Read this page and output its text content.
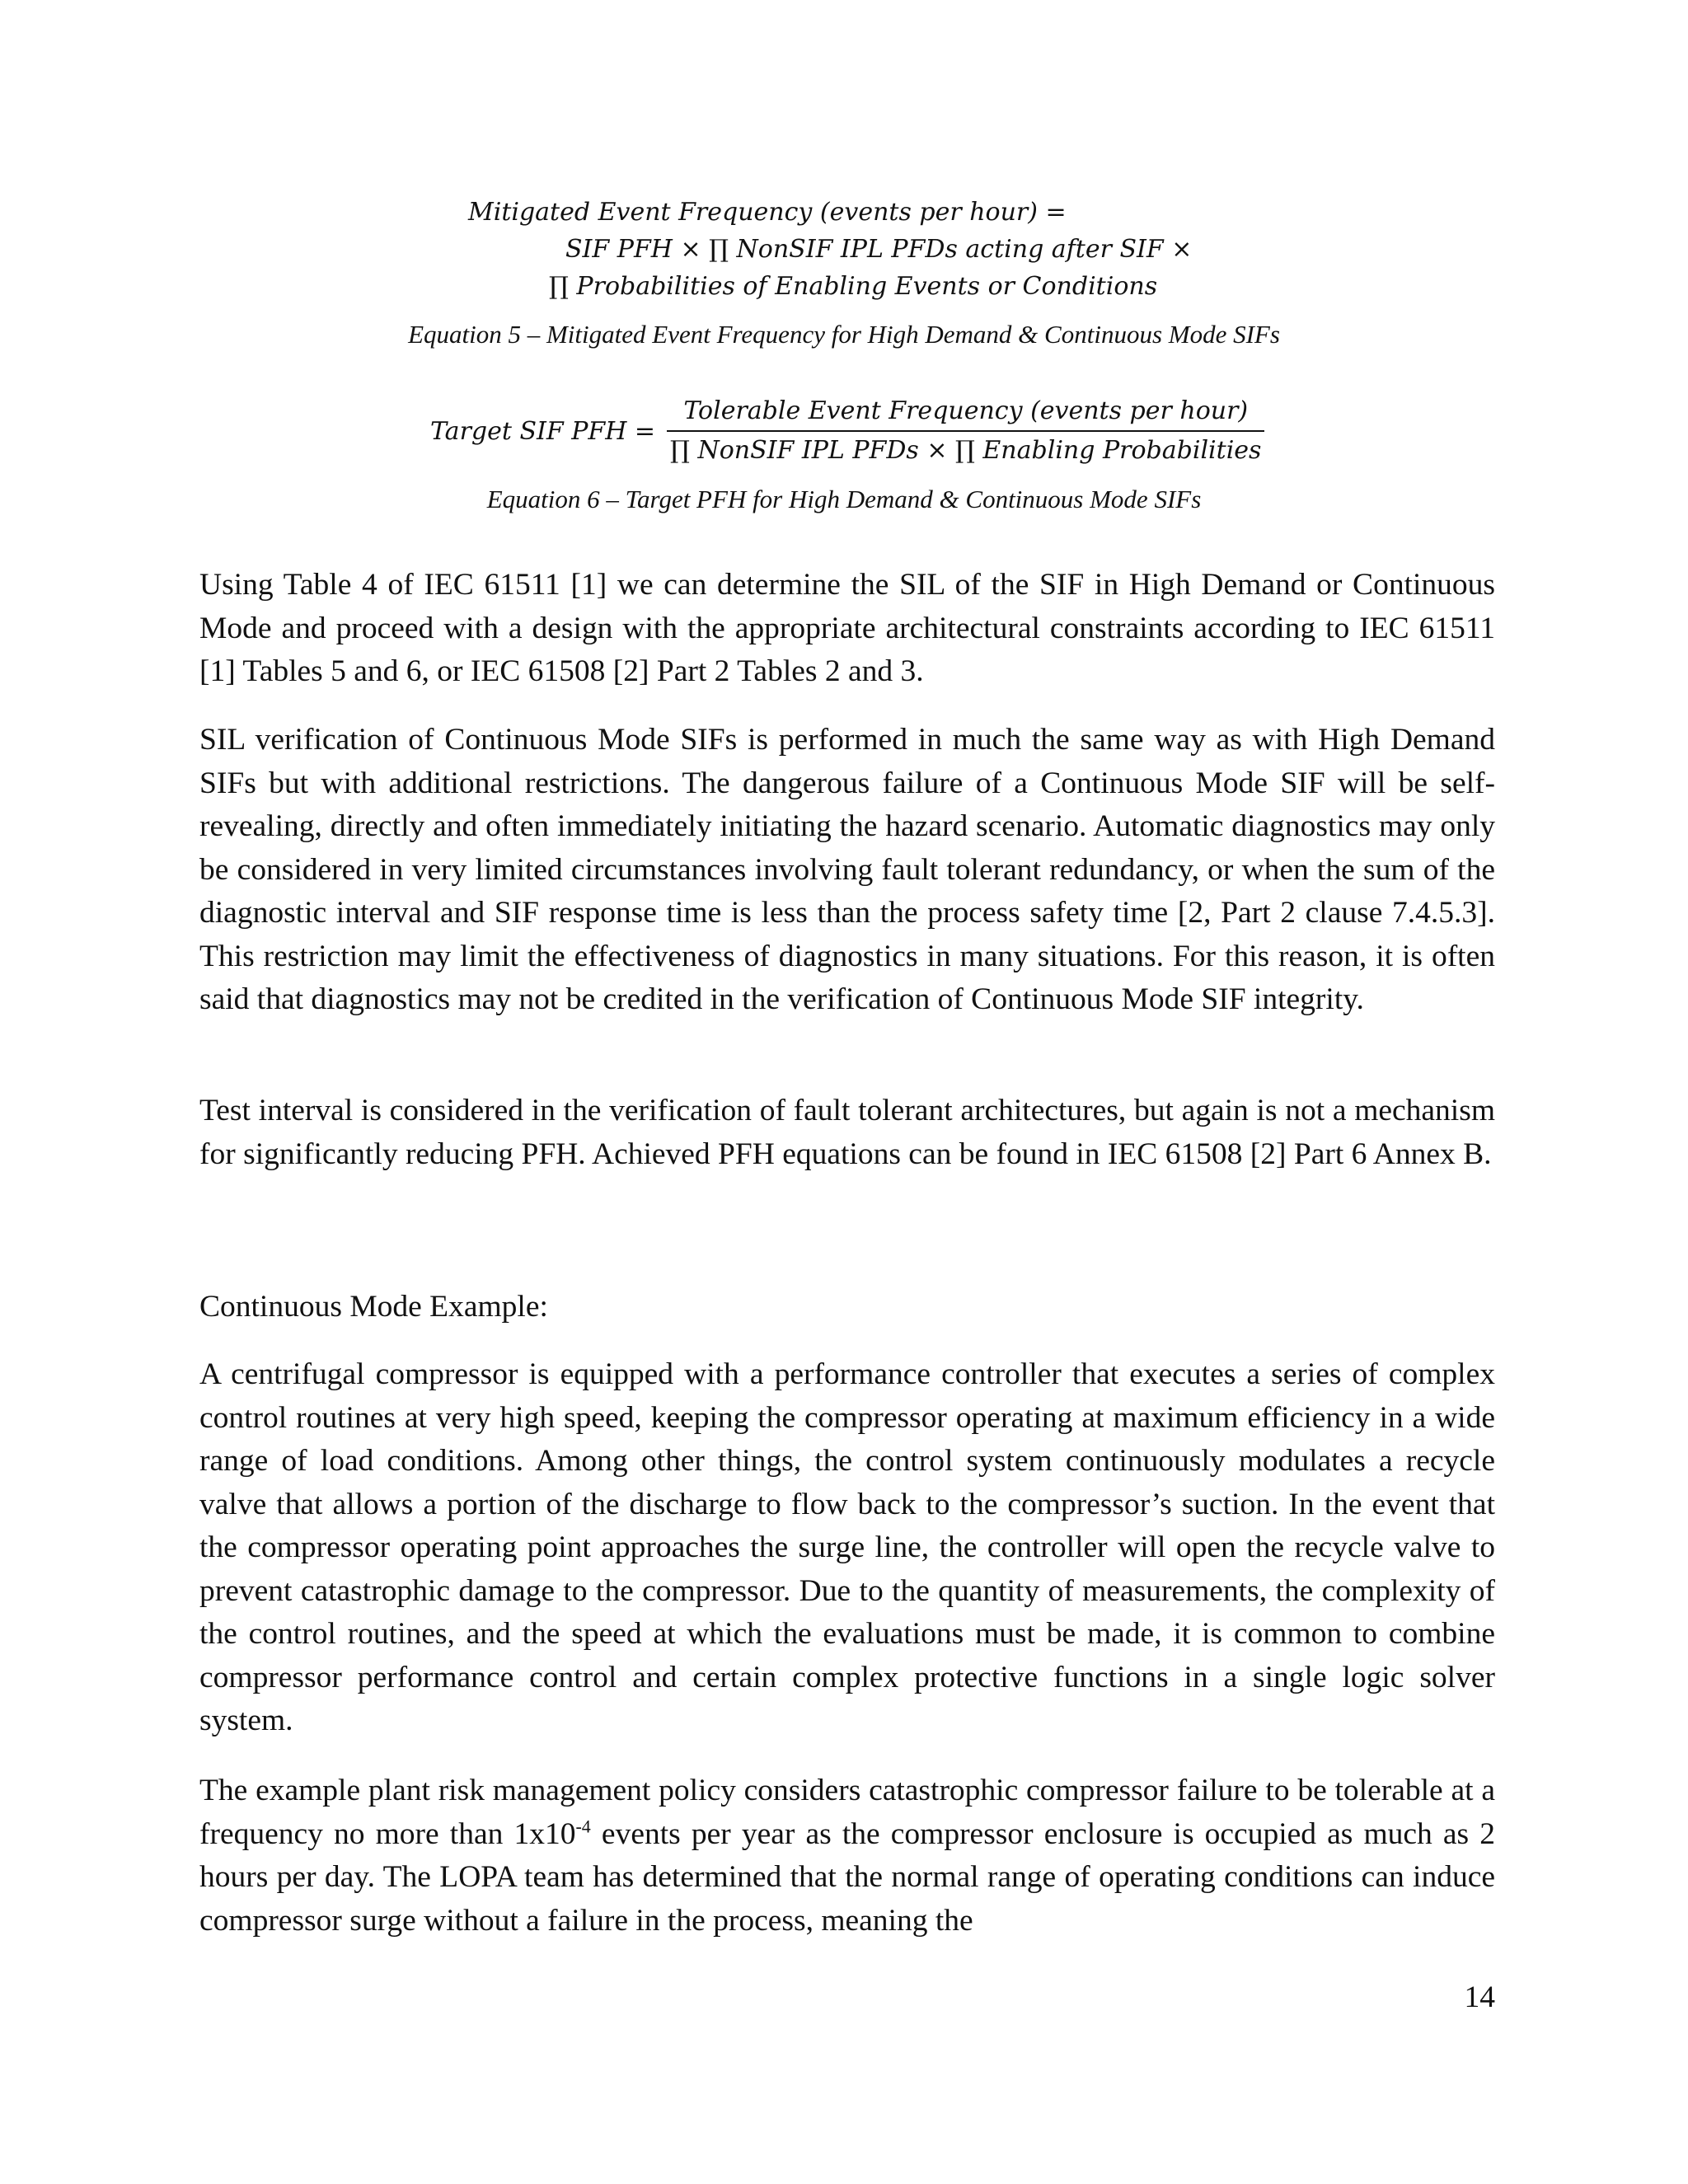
Mitigated Event Frequency (events per hour) =
SIF PFH × ∏ NonSIF IPL PFDs acting after SIF ×
∏ Probabilities of Enabling Events or Conditions
Equation 5 – Mitigated Event Frequency for High Demand & Continuous Mode SIFs
Target SIF PFH = $\frac{\text{Tolerable Event Frequency (events per hour)}}{\text{∏ NonSIF IPL PFDs × ∏ Enabling Probabilities}}$
Equation 6 – Target PFH for High Demand & Continuous Mode SIFs

Using Table 4 of IEC 61511 [1] we can determine the SIL of the SIF in High Demand or Continuous Mode and proceed with a design with the appropriate architectural constraints according to IEC 61511 [1] Tables 5 and 6, or IEC 61508 [2] Part 2 Tables 2 and 3.

SIL verification of Continuous Mode SIFs is performed in much the same way as with High Demand SIFs but with additional restrictions. The dangerous failure of a Continuous Mode SIF will be self-revealing, directly and often immediately initiating the hazard scenario. Automatic diagnostics may only be considered in very limited circumstances involving fault tolerant redundancy, or when the sum of the diagnostic interval and SIF response time is less than the process safety time [2, Part 2 clause 7.4.5.3]. This restriction may limit the effectiveness of diagnostics in many situations. For this reason, it is often said that diagnostics may not be credited in the verification of Continuous Mode SIF integrity.

Test interval is considered in the verification of fault tolerant architectures, but again is not a mechanism for significantly reducing PFH. Achieved PFH equations can be found in IEC 61508 [2] Part 6 Annex B.

Continuous Mode Example:

A centrifugal compressor is equipped with a performance controller that executes a series of complex control routines at very high speed, keeping the compressor operating at maximum efficiency in a wide range of load conditions. Among other things, the control system continuously modulates a recycle valve that allows a portion of the discharge to flow back to the compressor’s suction. In the event that the compressor operating point approaches the surge line, the controller will open the recycle valve to prevent catastrophic damage to the compressor. Due to the quantity of measurements, the complexity of the control routines, and the speed at which the evaluations must be made, it is common to combine compressor performance control and certain complex protective functions in a single logic solver system.

The example plant risk management policy considers catastrophic compressor failure to be tolerable at a frequency no more than $1x10^{-4}$ events per year as the compressor enclosure is occupied as much as 2 hours per day. The LOPA team has determined that the normal range of operating conditions can induce compressor surge without a failure in the process, meaning the

14
